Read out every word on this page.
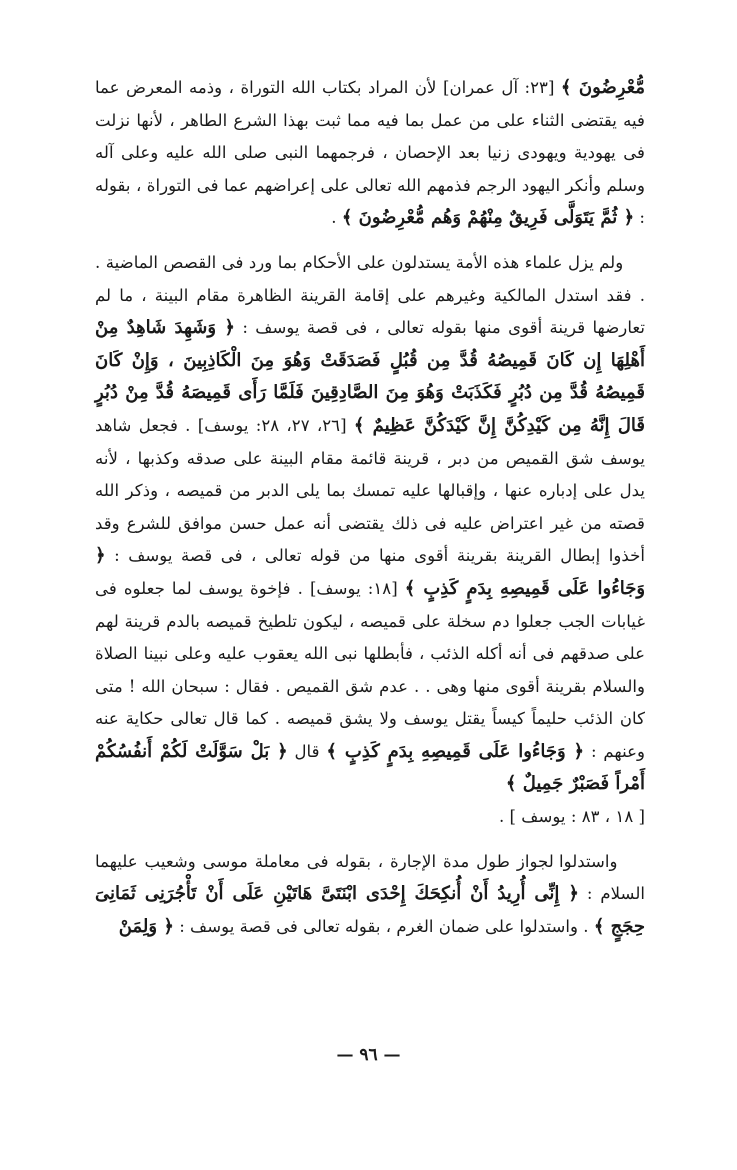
مُّعْرِضُونَ ﴾ [٢٣: آل عمران] لأن المراد بكتاب الله التوراة ، وذمه المعرض عما فيه يقتضى الثناء على من عمل بما فيه مما ثبت بهذا الشرع الطاهر ، لأنها نزلت فى يهودية ويهودى زنيا بعد الإحصان ، فرجمهما النبى صلى الله عليه وعلى آله وسلم وأنكر اليهود الرجم فذمهم الله تعالى على إعراضهم عما فى التوراة ، بقوله : ﴿ ثُمَّ يَتَوَلَّى فَرِيقٌ مِنْهُمْ وَهُم مُّعْرِضُونَ ﴾ .

ولم يزل علماء هذه الأمة يستدلون على الأحكام بما ورد فى القصص الماضية . . فقد استدل المالكية وغيرهم على إقامة القرينة الظاهرة مقام البينة ، ما لم تعارضها قرينة أقوى منها بقوله تعالى ، فى قصة يوسف : ﴿ وَشَهِدَ شَاهِدٌ مِنْ أَهْلِهَا إِن كَانَ قَمِيصُهُ قُدَّ مِن قُبُلٍ فَصَدَقَتْ وَهُوَ مِنَ الْكَاذِبِينَ ، وَإِنْ كَانَ قَمِيصُهُ قُدَّ مِن دُبُرٍ فَكَذَبَتْ وَهُوَ مِنَ الصَّادِقِينَ فَلَمَّا رَأَى قَمِيصَهُ قُدَّ مِنْ دُبُرٍ قَالَ إِنَّهُ مِن كَيْدِكُنَّ إِنَّ كَيْدَكُنَّ عَظِيمٌ ﴾ [٢٦، ٢٧، ٢٨: يوسف] . فجعل شاهد يوسف شق القميص من دبر ، قرينة قائمة مقام البينة على صدقه وكذبها ، لأنه يدل على إدباره عنها ، وإقبالها عليه تمسك بما يلى الدبر من قميصه ، وذكر الله قصته من غير اعتراض عليه فى ذلك يقتضى أنه عمل حسن موافق للشرع وقد أخذوا إبطال القرينة بقرينة أقوى منها من قوله تعالى ، فى قصة يوسف : ﴿ وَجَاءُوا عَلَى قَمِيصِهِ بِدَمٍ كَذِبٍ ﴾ [١٨: يوسف] . فإخوة يوسف لما جعلوه فى غيابات الجب جعلوا دم سخلة على قميصه ، ليكون تلطيخ قميصه بالدم قرينة لهم على صدقهم فى أنه أكله الذئب ، فأبطلها نبى الله يعقوب عليه وعلى نبينا الصلاة والسلام بقرينة أقوى منها وهى . . عدم شق القميص . فقال : سبحان الله ! متى كان الذئب حليماً كيساً يقتل يوسف ولا يشق قميصه . كما قال تعالى حكاية عنه وعنهم : ﴿ وَجَاءُوا عَلَى قَمِيصِهِ بِدَمٍ كَذِبٍ ﴾ قال ﴿ بَلْ سَوَّلَتْ لَكُمْ أَنفُسُكُمْ أَمْراً فَصَبْرٌ جَمِيلٌ ﴾

[ ١٨ ، ٨٣ : يوسف ] .

واستدلوا لجواز طول مدة الإجارة ، بقوله فى معاملة موسى وشعيب عليهما السلام : ﴿ إِنِّى أُرِيدُ أَنْ أُنكِحَكَ إِحْدَى ابْنَتَىَّ هَاتَيْنِ عَلَى أَنْ تَأْجُرَنِى ثَمَانِىَ حِجَجٍ ﴾ . واستدلوا على ضمان الغرم ، بقوله تعالى فى قصة يوسف : ﴿ وَلِمَنْ

— ٩٦ —
